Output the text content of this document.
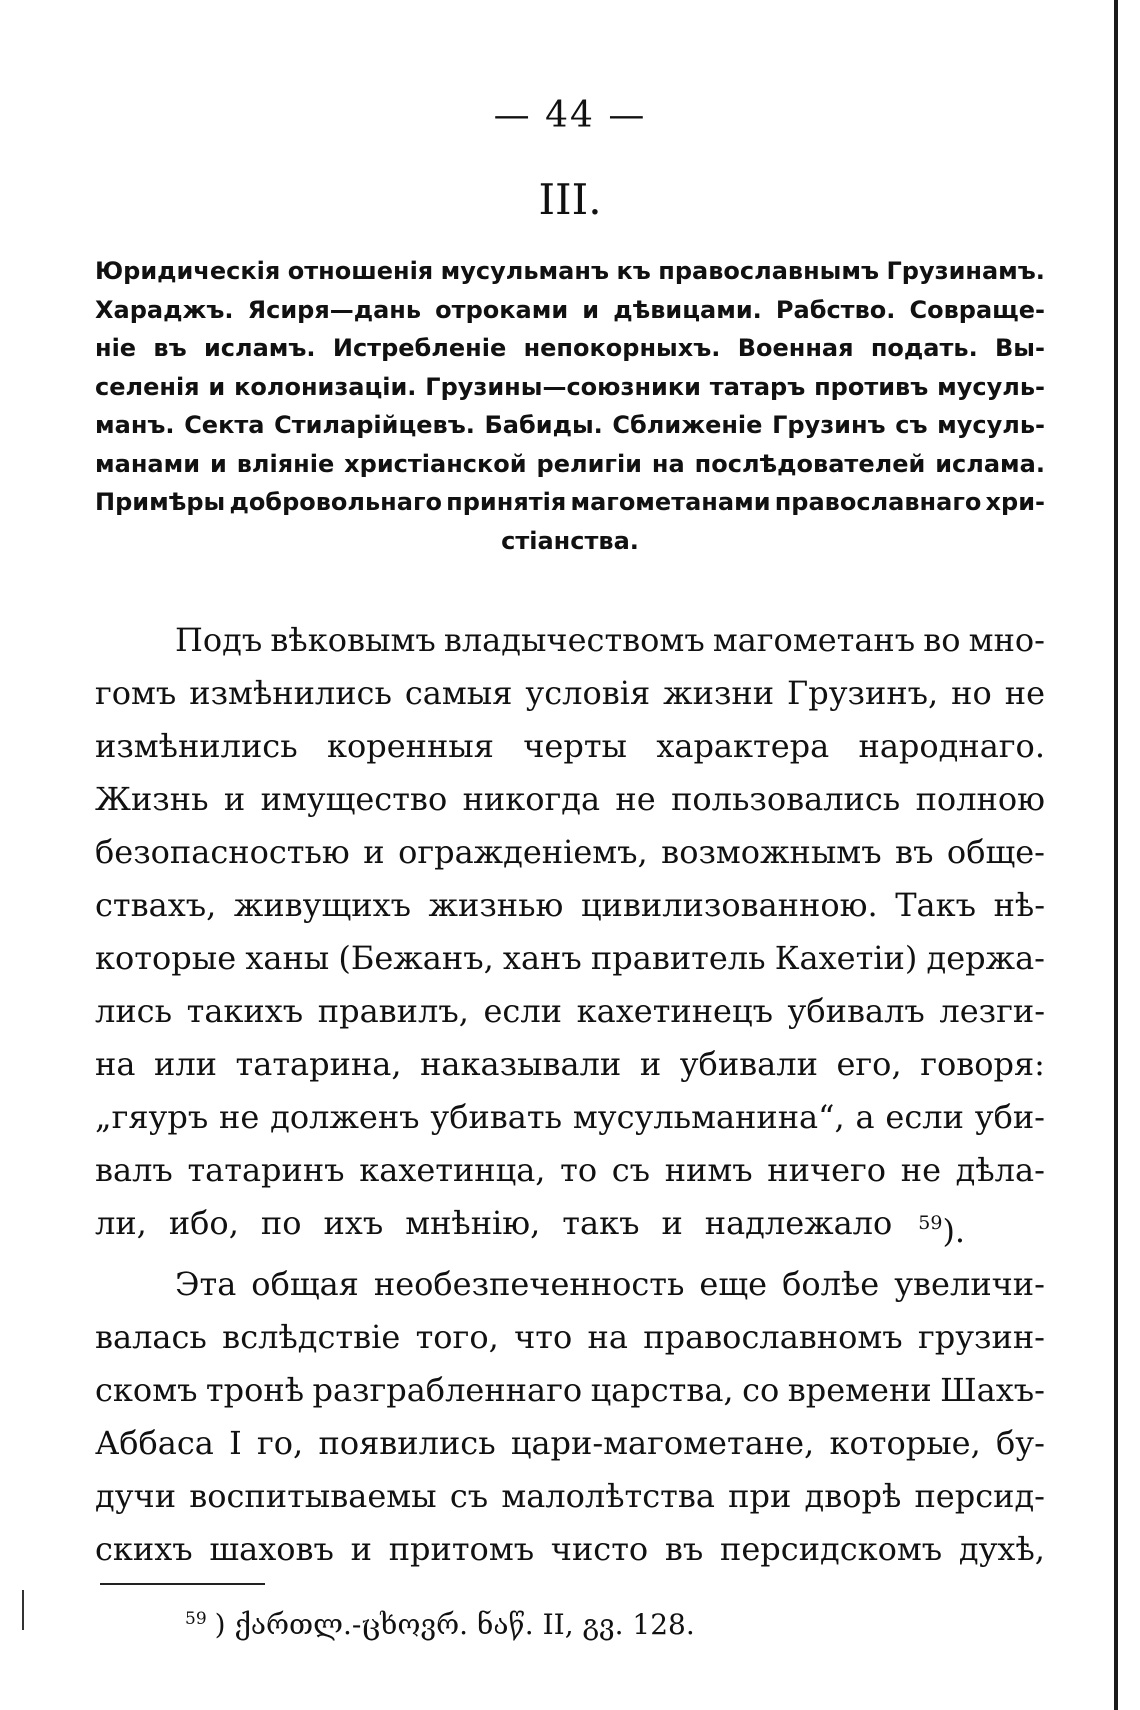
— 44 —
III.
Юридическія отношенія мусульманъ къ православнымъ Грузинамъ.
Хараджъ. Ясиря—дань отроками и дѣвицами. Рабство. Совраще-
ніе въ исламъ. Истребленіе непокорныхъ. Военная подать. Вы-
селенія и колонизаціи. Грузины—союзники татаръ противъ мусуль-
манъ. Секта Стиларійцевъ. Бабиды. Сближеніе Грузинъ съ мусуль-
манами и вліяніе христіанской религіи на послѣдователей ислама.
Примѣры добровольнаго принятія магометанами православнаго хри-
стіанства.
Подъ вѣковымъ владычествомъ магометанъ во мно-
гомъ измѣнились самыя условія жизни Грузинъ, но не
измѣнились коренныя черты характера народнаго.
Жизнь и имущество никогда не пользовались полною
безопасностью и огражденіемъ, возможнымъ въ обще-
ствахъ, живущихъ жизнью цивилизованною. Такъ нѣ-
которые ханы (Бежанъ, ханъ правитель Кахетіи) держа-
лись такихъ правилъ, если кахетинецъ убивалъ лезги-
на или татарина, наказывали и убивали его, говоря:
„гяуръ не долженъ убивать мусульманина“, а если уби-
валъ татаринъ кахетинца, то съ нимъ ничего не дѣла-
ли, ибо, по ихъ мнѣнію, такъ и надлежало $^{59}$).
Эта общая необезпеченность еще болѣе увеличи-
валась вслѣдствіе того, что на православномъ грузин-
скомъ тронѣ разграбленнаго царства, со времени Шахъ-
Аббаса I го, появились цари-магометане, которые, бу-
дучи воспитываемы съ малолѣтства при дворѣ персид-
скихъ шаховъ и притомъ чисто въ персидскомъ духѣ,
$^{59}$ ) ქართლ.-ცხოვრ. ნაწ. II, გვ. 128.
